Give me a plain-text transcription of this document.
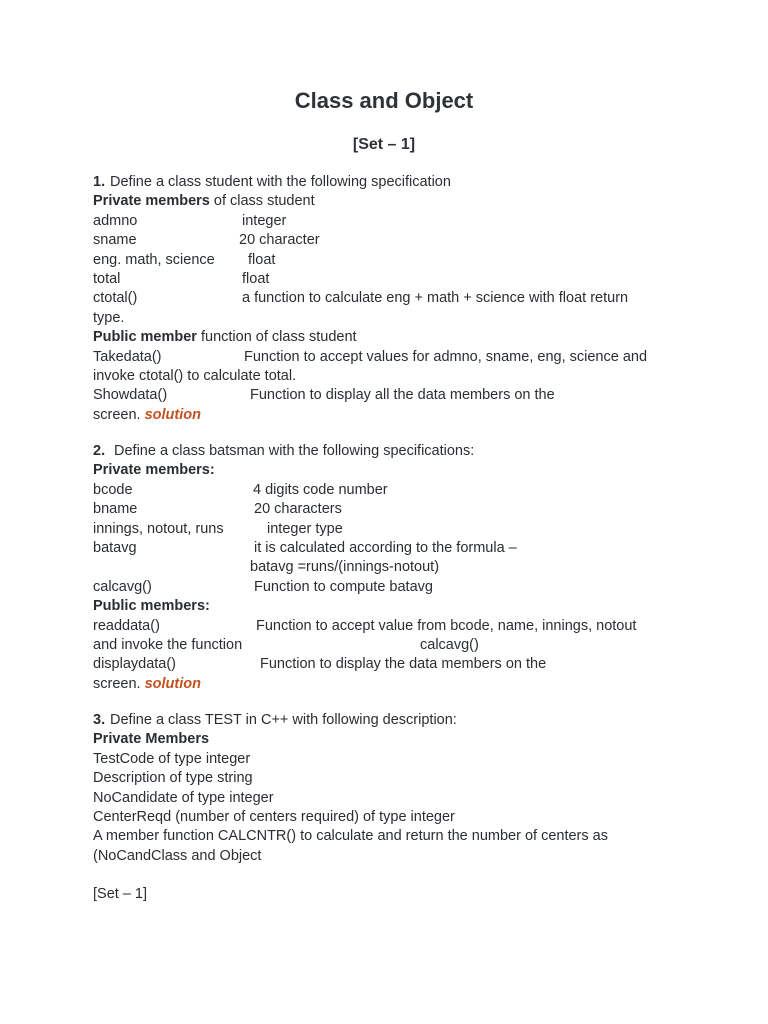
Class and Object
[Set – 1]
1. Define a class student with the following specification
Private members of class student
admno	integer
sname	20 character
eng. math, science float
total	float
ctotal()	a function to calculate eng + math + science with float return
type.
Public member function of class student
Takedata()	Function to accept values for admno, sname, eng, science and
invoke ctotal() to calculate total.
Showdata()	Function to display all the data members on the
screen. solution
2. Define a class batsman with the following specifications:
Private members:
bcode	4 digits code number
bname	20 characters
innings, notout, runs	integer type
batavg	it is calculated according to the formula –
batavg =runs/(innings-notout)
calcavg()	Function to compute batavg
Public members:
readdata()	Function to accept value from bcode, name, innings, notout
and invoke the function	calcavg()
displaydata()	Function to display the data members on the
screen. solution
3. Define a class TEST in C++ with following description:
Private Members
TestCode of type integer
Description of type string
NoCandidate of type integer
CenterReqd (number of centers required) of type integer
A member function CALCNTR() to calculate and return the number of centers as
(NoCandClass and Object
[Set – 1]
